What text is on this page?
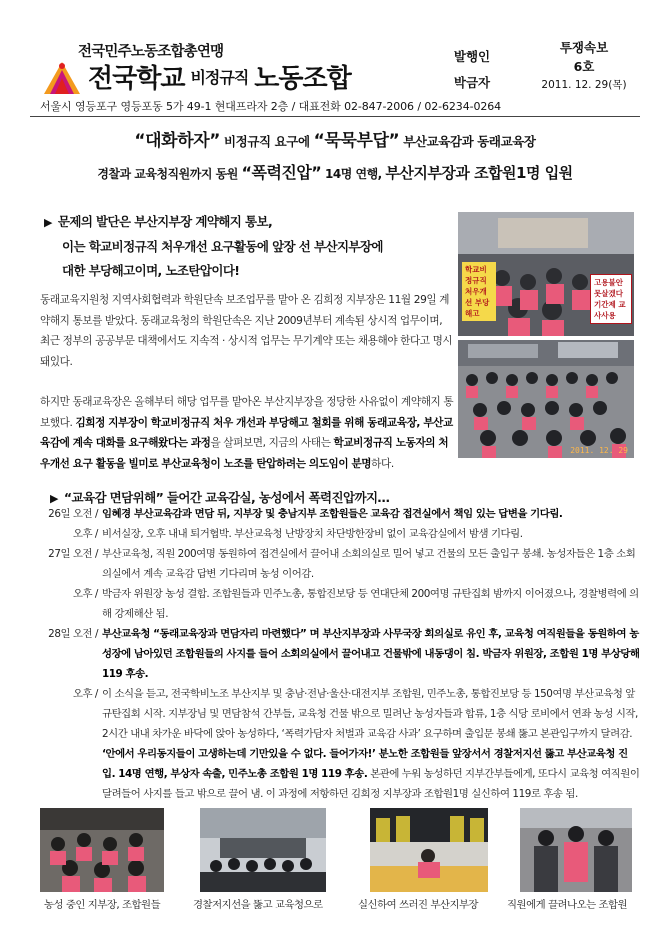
전국민주노동조합총연맹
전국학교 비정규직 노동조합
발행인
박금자
투쟁속보
6호
2011. 12. 29(목)
서울시 영등포구 영등포동 5가 49-1 현대프라자 2층 / 대표전화 02-847-2006 / 02-6234-0264
“대화하자” 비정규직 요구에 “묵묵부답” 부산교육감과 동래교육장
경찰과 교육청직원까지 동원 “폭력진압” 14명 연행, 부산지부장과 조합원1명 입원
▶ 문제의 발단은 부산지부장 계약해지 통보,
이는 학교비정규직 처우개선 요구활동에 앞장 선 부산지부장에
대한 부당해고이며, 노조탄압이다!
동래교육지원청 지역사회협력과 학원단속 보조업무를 맡아 온 김희정 지부장은 11월 29일 계약해지 통보를 받았다. 동래교육청의 학원단속은 지난 2009년부터 계속된 상시적 업무이며, 최근 정부의 공공부문 대책에서도 지속적 · 상시적 업무는 무기계약 또는 채용해야 한다고 명시돼있다.
하지만 동래교육장은 올해부터 해당 업무를 맡아온 부산지부장을 정당한 사유없이 계약해지 통보했다. 김희정 지부장이 학교비정규직 처우 개선과 부당해고 철회를 위해 동래교육장, 부산교육감에 계속 대화를 요구해왔다는 과정을 살펴보면, 지금의 사태는 학교비정규직 노동자의 처우개선 요구 활동을 빌미로 부산교육청이 노조를 탄압하려는 의도임이 분명하다.
학교비정규직 처우개선 부당해고
고용불안 못살겠다 기간제 교사사용
2011. 12. 29
▶ “교육감 면담위해” 들어간 교육감실, 농성에서 폭력진압까지…
26일 오전 / 임혜경 부산교육감과 면담 뒤, 지부장 및 충남지부 조합원들은 교육감 접견실에서 책임 있는 답변을 기다림.
오후 / 비서실장, 오후 내내 퇴거협박. 부산교육청 난방장치 차단방한장비 없이 교육감실에서 밤샘 기다림.
27일 오전 / 부산교육청, 직원 200여명 동원하여 접견실에서 끌어내 소회의실로 밀어 넣고 건물의 모든 출입구 봉쇄. 농성자들은 1층 소회의실에서 계속 교육감 답변 기다리며 농성 이어감.
오후 / 박금자 위원장 농성 결합. 조합원들과 민주노총, 통합진보당 등 연대단체 200여명 규탄집회 밤까지 이어졌으나, 경찰병력에 의해 강제해산 됨.
28일 오전 / 부산교육청 “동래교육장과 면담자리 마련했다” 며 부산지부장과 사무국장 회의실로 유인 후, 교육청 여직원들을 동원하여 농성장에 남아있던 조합원들의 사지를 들어 소회의실에서 끌어내고 건물밖에 내동댕이 침. 박금자 위원장, 조합원 1명 부상당해 119 후송.
오후 / 이 소식을 듣고, 전국학비노조 부산지부 및 충남·전남·울산·대전지부 조합원, 민주노총, 통합진보당 등 150여명 부산교육청 앞 규탄집회 시작. 지부장님 및 면담참석 간부들, 교육청 건물 밖으로 밀려난 농성자들과 합류, 1층 식당 로비에서 연좌 농성 시작, 2시간 내내 차가운 바닥에 앉아 농성하다, ‘폭력가담자 처벌과 교육감 사과’ 요구하며 출입문 봉쇄 뚫고 본관입구까지 달려감. ‘안에서 우리동지들이 고생하는데 기만있을 수 없다. 들어가자!’ 분노한 조합원들 앞장서서 경찰저지선 뚫고 부산교육청 진입. 14명 연행, 부상자 속출, 민주노총 조합원 1명 119 후송. 본관에 누워 농성하던 지부간부들에게, 또다시 교육청 여직원이 달려들어 사지를 들고 밖으로 끌어 냄. 이 과정에 저항하던 김희정 지부장과 조합원1명 실신하여 119로 후송 됨.
농성 중인 지부장, 조합원들	경찰저지선을 뚫고 교육청으로	실신하여 쓰러진 부산지부장	직원에게 끌려나오는 조합원
